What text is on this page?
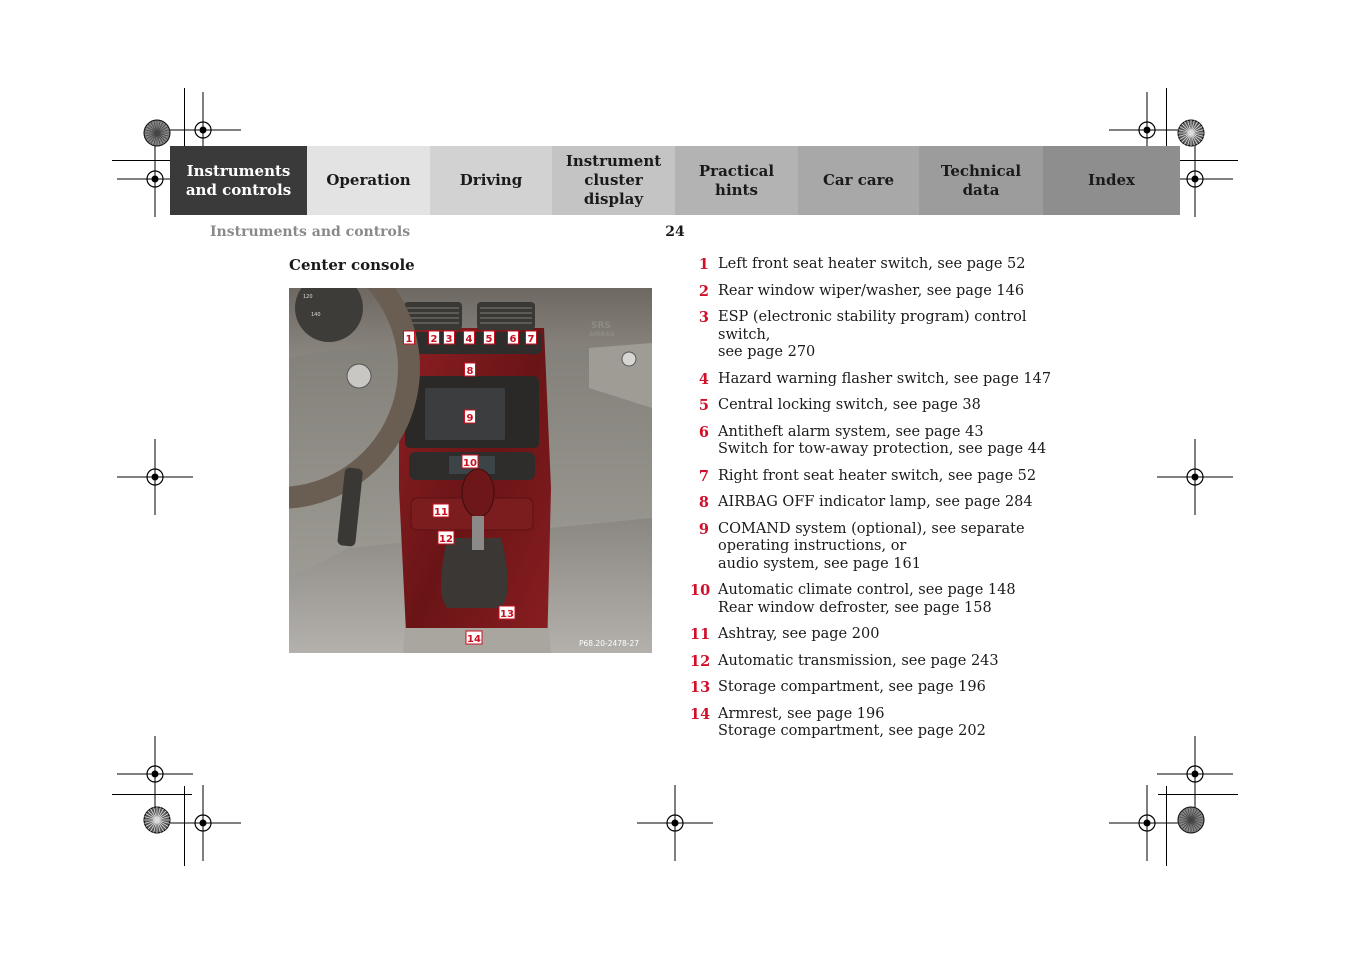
Instruments
and controls
Operation	Driving
Instrument
cluster display
Practical hints
Car care
Technical
data
Index
Instruments and controls	24
Center console
SRS
AIRBAG
120
140
1 2 3 4 5 6 7
8
9
10
11
12
13
14	P68.20-2478-27
1 Left front seat heater switch, see page 52
2 Rear window wiper/washer, see page 146
3 ESP (electronic stability program) control switch,
see page 270
4 Hazard warning flasher switch, see page 147
5 Central locking switch, see page 38
6 Antitheft alarm system, see page 43
Switch for tow-away protection, see page 44
7 Right front seat heater switch, see page 52
8 AIRBAG OFF indicator lamp, see page 284
9 COMAND system (optional), see separate
operating instructions, or
audio system, see page 161
10 Automatic climate control, see page 148
Rear window defroster, see page 158
11 Ashtray, see page 200
12 Automatic transmission, see page 243
13 Storage compartment, see page 196
14 Armrest, see page 196
Storage compartment, see page 202
